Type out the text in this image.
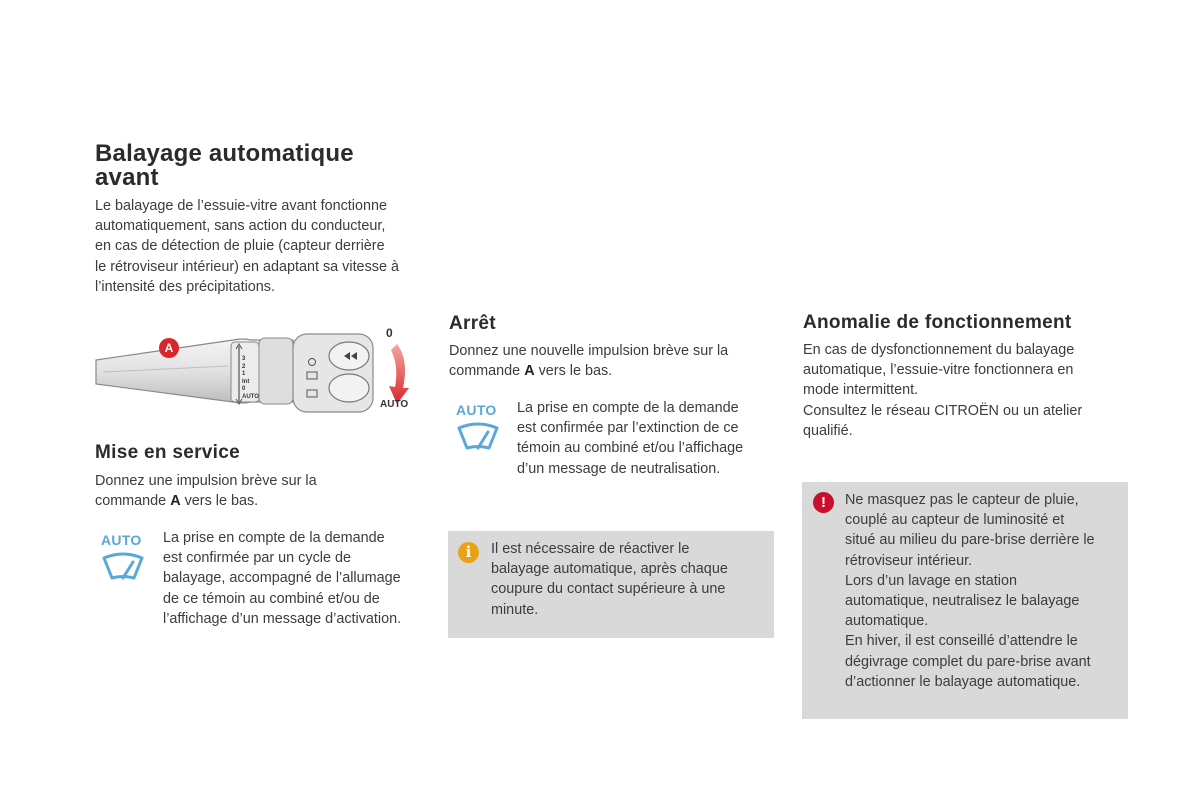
Balayage automatique
avant
Le balayage de l’essuie-vitre avant fonctionne
automatiquement, sans action du conducteur,
en cas de détection de pluie (capteur derrière
le rétroviseur intérieur) en adaptant sa vitesse à
l’intensité des précipitations.
3
2
1
Int
0
AUTO
A
0
AUTO
Mise en service
Donnez une impulsion brève sur la
commande A vers le bas.
AUTO	La prise en compte de la demande
est confirmée par un cycle de
balayage, accompagné de l’allumage
de ce témoin au combiné et/ou de
l’affichage d’un message d’activation.
Arrêt
Donnez une nouvelle impulsion brève sur la
commande A vers le bas.
AUTO	La prise en compte de la demande
est confirmée par l’extinction de ce
témoin au combiné et/ou l’affichage
d’un message de neutralisation.
i	Il est nécessaire de réactiver le
balayage automatique, après chaque
coupure du contact supérieure à une
minute.
Anomalie de fonctionnement
En cas de dysfonctionnement du balayage
automatique, l’essuie-vitre fonctionnera en
mode intermittent.
Consultez le réseau CITROËN ou un atelier
qualifié.
!	Ne masquez pas le capteur de pluie,
couplé au capteur de luminosité et
situé au milieu du pare-brise derrière le
rétroviseur intérieur.
Lors d’un lavage en station
automatique, neutralisez le balayage
automatique.
En hiver, il est conseillé d’attendre le
dégivrage complet du pare-brise avant
d’actionner le balayage automatique.
